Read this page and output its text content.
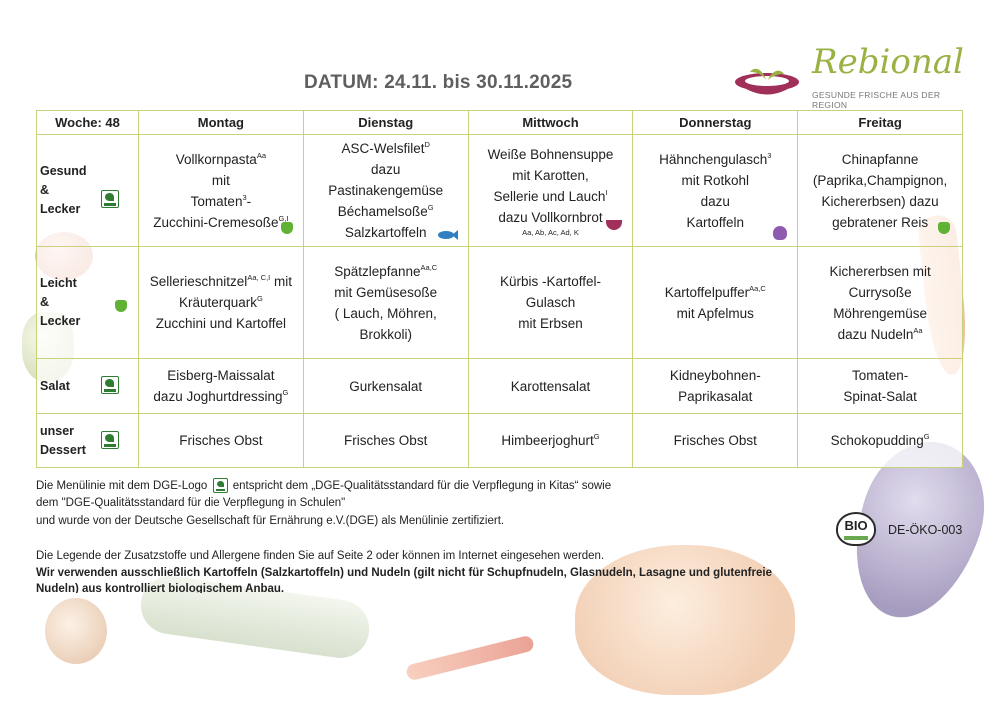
DATUM: 24.11. bis 30.11.2025
Rebional
GESUNDE FRISCHE AUS DER REGION
Woche: 48	Montag	Dienstag	Mittwoch	Donnerstag	Freitag
Gesund
&
Lecker	Vollkornpasta$^{Aa}$
mit
Tomaten$^3$-
Zucchini-Cremesoße$^{G,I}$	ASC-Welsfilet$^D$
dazu
Pastinakengemüse
Béchamelsoße$^G$
Salzkartoffeln	Weiße Bohnensuppe
mit Karotten,
Sellerie und Lauch$^I$
dazu Vollkornbrot
Aa, Ab, Ac, Ad, K	Hähnchengulasch$^3$
mit Rotkohl
dazu
Kartoffeln	Chinapfanne
(Paprika,Champignon,
Kichererbsen) dazu
gebratener Reis

Leicht
&
Lecker	Sellerieschnitzel$^{Aa, C,I}$ mit
Kräuterquark$^G$
Zucchini und Kartoffel	Spätzlepfanne$^{Aa,C}$
mit Gemüsesoße
( Lauch, Möhren,
Brokkoli)	Kürbis -Kartoffel-
Gulasch
mit Erbsen	Kartoffelpuffer$^{Aa,C}$
mit Apfelmus	Kichererbsen mit
Currysoße
Möhrengemüse
dazu Nudeln$^{Aa}$
Salat	Eisberg-Maissalat
dazu Joghurtdressing$^G$	Gurkensalat	Karottensalat	Kidneybohnen-
Paprikasalat	Tomaten-
Spinat-Salat
unser
Dessert	Frisches Obst	Frisches Obst	Himbeerjoghurt$^G$	Frisches Obst	Schokopudding$^G$
Die Menülinie mit dem DGE-Logo entspricht dem „DGE-Qualitätsstandard für die Verpflegung in Kitas“ sowie
dem "DGE-Qualitätsstandard für die Verpflegung in Schulen"
und wurde von der Deutsche Gesellschaft für Ernährung e.V.(DGE) als Menülinie zertifiziert.
Die Legende der Zusatzstoffe und Allergene finden Sie auf Seite 2 oder können im Internet eingesehen werden.
Wir verwenden ausschließlich Kartoffeln (Salzkartoffeln) und Nudeln (gilt nicht für Schupfnudeln, Glasnudeln, Lasagne und glutenfreie
Nudeln) aus kontrolliert biologischem Anbau.
BIO	DE-ÖKO-003
